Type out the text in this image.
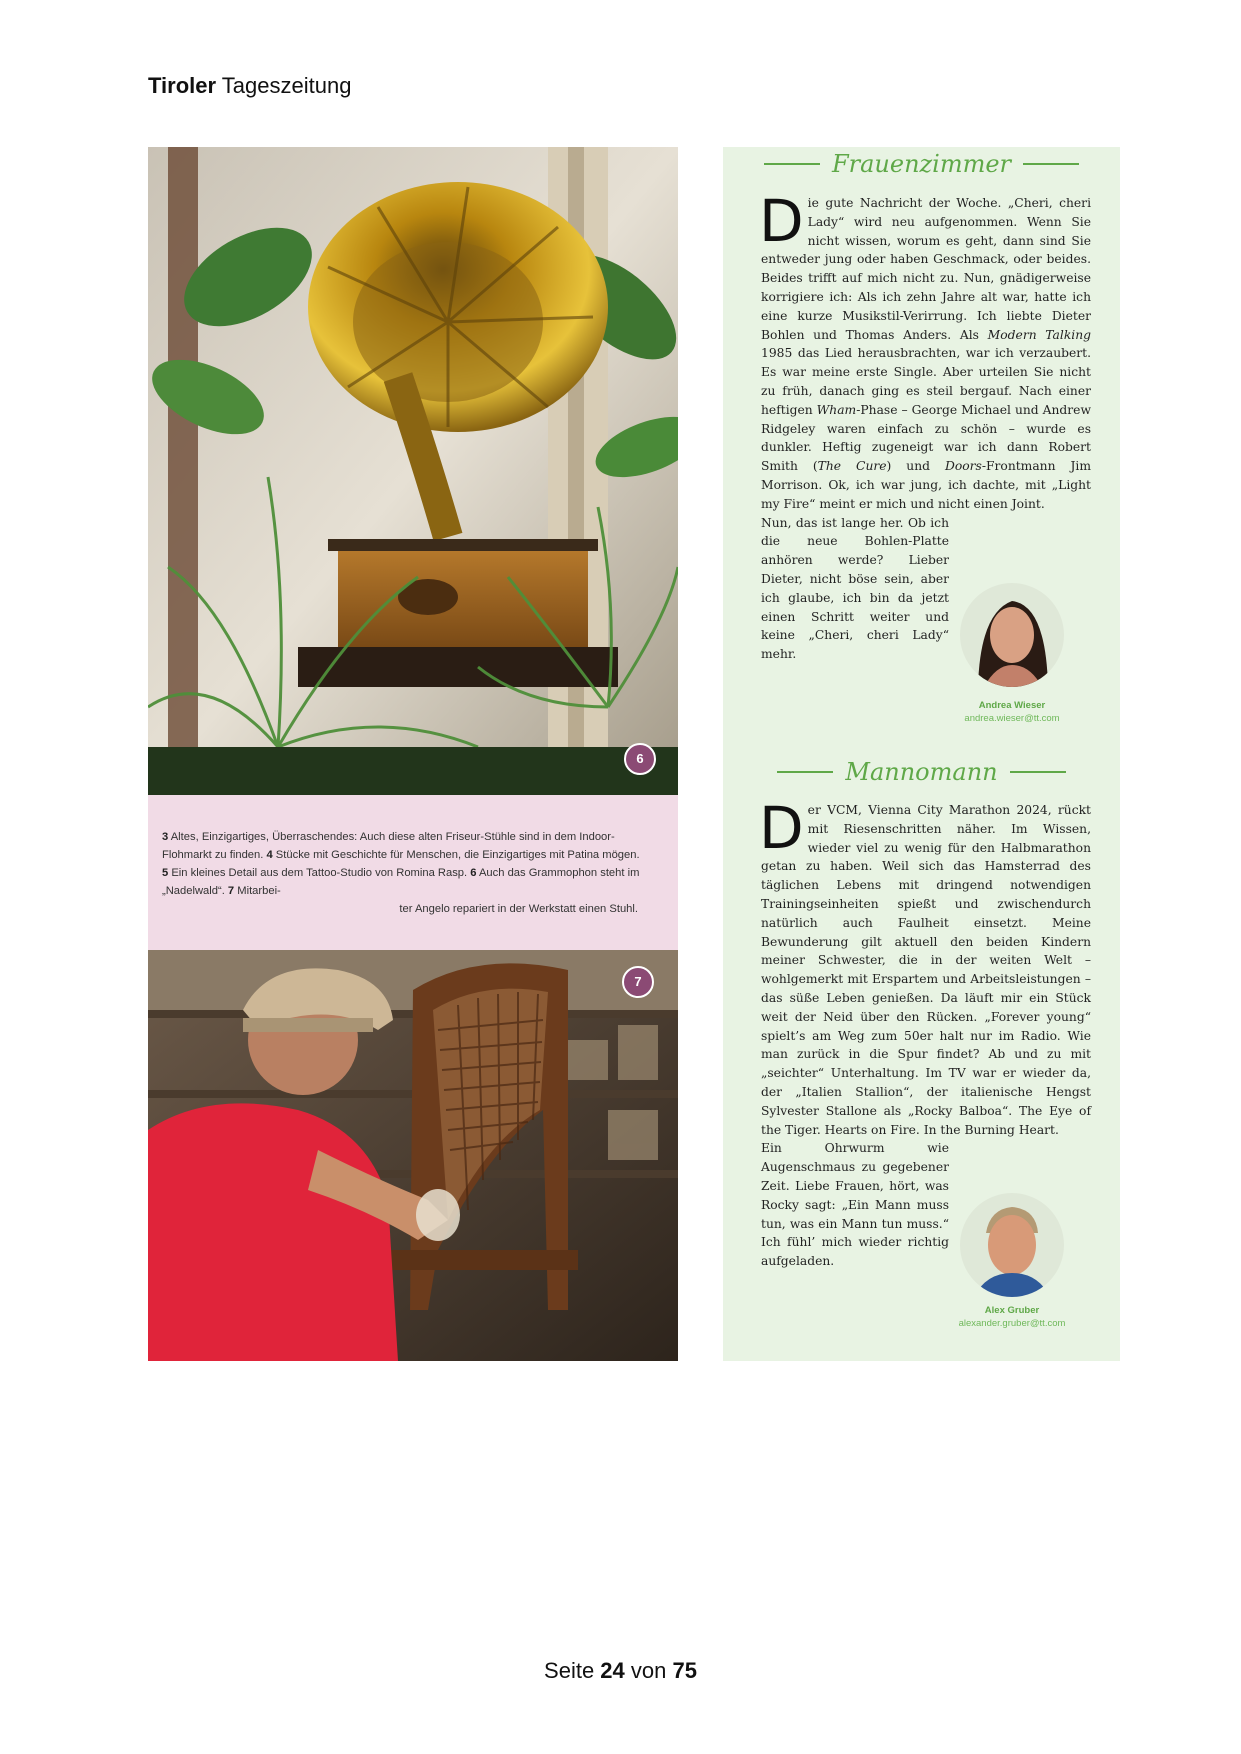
Tiroler Tageszeitung
6

3 Altes, Einzigartiges, Überraschendes: Auch diese alten Friseur-Stühle sind in dem Indoor-Flohmarkt zu finden. 4 Stücke mit Geschichte für Menschen, die Einzigartiges mit Patina mögen. 5 Ein kleines Detail aus dem Tattoo-Studio von Romina Rasp. 6 Auch das Grammophon steht im „Nadelwald“. 7 Mitarbei-

ter Angelo repariert in der Werkstatt einen Stuhl.

7
Frauenzimmer

Die gute Nachricht der Woche. „Cheri, cheri Lady“ wird neu aufgenommen. Wenn Sie nicht wissen, worum es geht, dann sind Sie entweder jung oder haben Geschmack, oder beides. Beides trifft auf mich nicht zu. Nun, gnädigerweise korrigiere ich: Als ich zehn Jahre alt war, hatte ich eine kurze Musikstil-Verirrung. Ich liebte Dieter Bohlen und Thomas Anders. Als Modern Talking 1985 das Lied herausbrachten, war ich verzaubert. Es war meine erste Single. Aber urteilen Sie nicht zu früh, danach ging es steil bergauf. Nach einer heftigen Wham-Phase – George Michael und Andrew Ridgeley waren einfach zu schön – wurde es dunkler. Heftig zugeneigt war ich dann Robert Smith (The Cure) und Doors-Frontmann Jim Morrison. Ok, ich war jung, ich dachte, mit „Light my Fire“ meint er mich und nicht einen Joint.

Nun, das ist lange her. Ob ich die neue Bohlen-Platte anhören werde? Lieber Dieter, nicht böse sein, aber ich glaube, ich bin da jetzt einen Schritt weiter und keine „Cheri, cheri Lady“ mehr.

Andrea Wieser
andrea.wieser@tt.com
Mannomann

Der VCM, Vienna City Marathon 2024, rückt mit Riesenschritten näher. Im Wissen, wieder viel zu wenig für den Halbmarathon getan zu haben. Weil sich das Hamsterrad des täglichen Lebens mit dringend notwendigen Trainingseinheiten spießt und zwischendurch natürlich auch Faulheit einsetzt. Meine Bewunderung gilt aktuell den beiden Kindern meiner Schwester, die in der weiten Welt – wohlgemerkt mit Erspartem und Arbeitsleistungen – das süße Leben genießen. Da läuft mir ein Stück weit der Neid über den Rücken. „Forever young“ spielt’s am Weg zum 50er halt nur im Radio. Wie man zurück in die Spur findet? Ab und zu mit „seichter“ Unterhaltung. Im TV war er wieder da, der „Italien Stallion“, der italienische Hengst Sylvester Stallone als „Rocky Balboa“. The Eye of the Tiger. Hearts on Fire. In the Burning Heart.

Ein Ohrwurm wie Augenschmaus zu gegebener Zeit. Liebe Frauen, hört, was Rocky sagt: „Ein Mann muss tun, was ein Mann tun muss.“ Ich fühl’ mich wieder richtig aufgeladen.

Alex Gruber
alexander.gruber@tt.com
Seite 24 von 75
